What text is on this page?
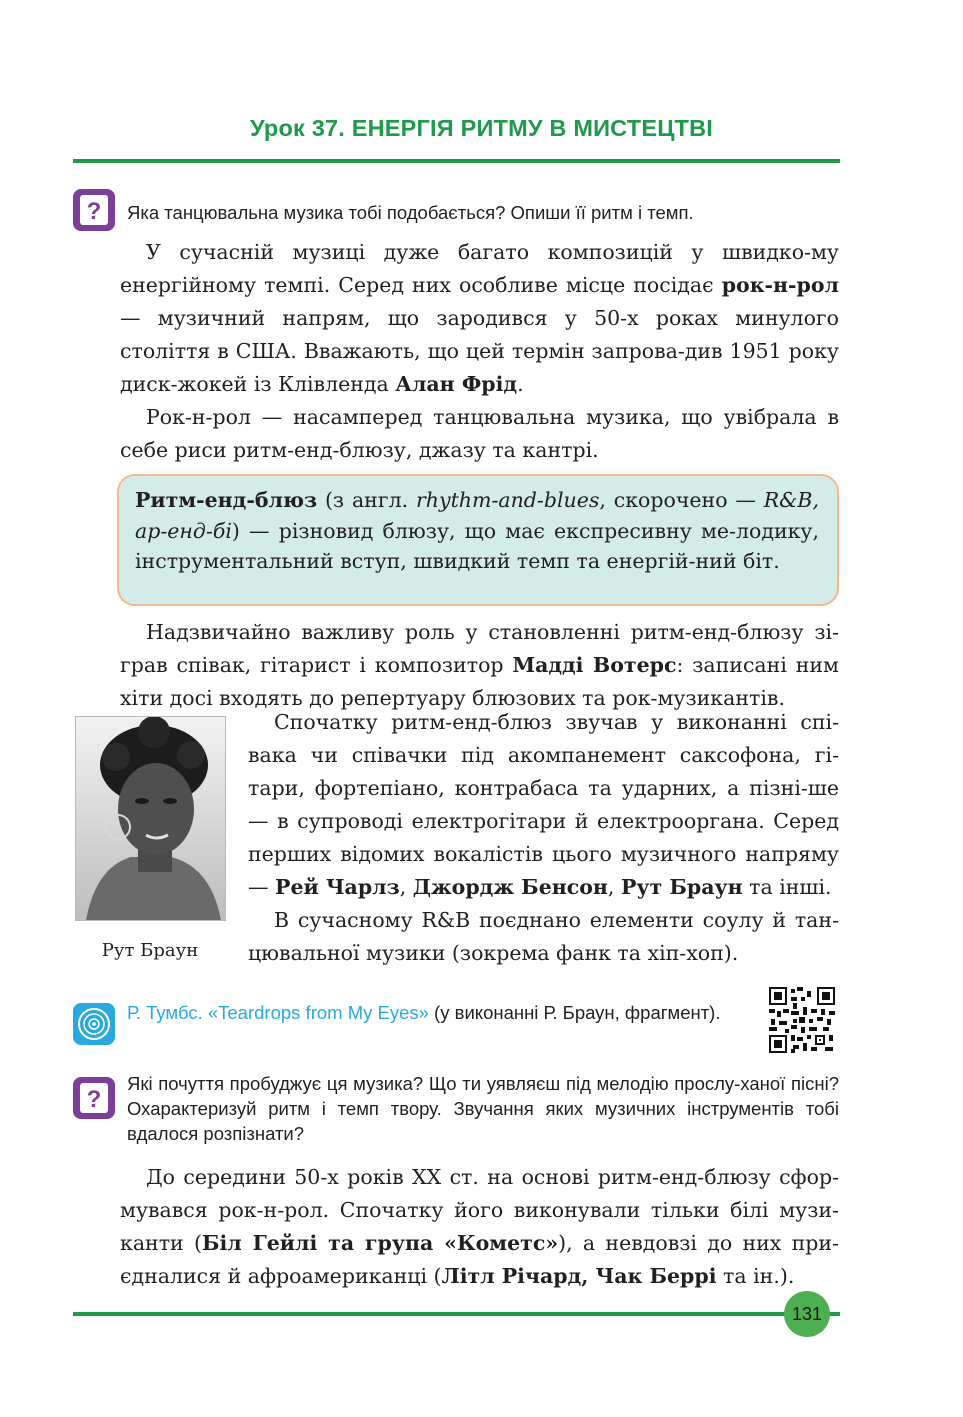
Урок 37. ЕНЕРГІЯ РИТМУ В МИСТЕЦТВІ
? Яка танцювальна музика тобі подобається? Опиши її ритм і темп.

У сучасній музиці дуже багато композицій у швидко-му енергійному темпі. Серед них особливе місце посідає рок-н-рол — музичний напрям, що зародився у 50-х роках минулого століття в США. Вважають, що цей термін запрова-див 1951 року диск-жокей із Клівленда Алан Фрід.

Рок-н-рол — насамперед танцювальна музика, що увібрала в себе риси ритм-енд-блюзу, джазу та кантрі.

Ритм-енд-блюз (з англ. rhythm-and-blues, скорочено — R&B, ар-енд-бі) — різновид блюзу, що має експресивну ме-лодику, інструментальний вступ, швидкий темп та енергій-ний біт.

Надзвичайно важливу роль у становленні ритм-енд-блюзу зі-грав співак, гітарист і композитор Мадді Вотерс: записані ним хіти досі входять до репертуару блюзових та рок-музикантів.

Рут Браун

Спочатку ритм-енд-блюз звучав у виконанні спі-вака чи співачки під акомпанемент саксофона, гі-тари, фортепіано, контрабаса та ударних, а пізні-ше — в супроводі електрогітари й електрооргана. Серед перших відомих вокалістів цього музичного напряму — Рей Чарлз, Джордж Бенсон, Рут Браун та інші.

В сучасному R&B поєднано елементи соулу й тан-цювальної музики (зокрема фанк та хіп-хоп).

Р. Тумбс. «Teardrops from My Eyes» (у виконанні Р. Браун, фрагмент).
?
Які почуття пробуджує ця музика? Що ти уявляєш під мелодію прослу-ханої пісні? Охарактеризуй ритм і темп твору. Звучання яких музичних інструментів тобі вдалося розпізнати?

До середини 50-х років XX ст. на основі ритм-енд-блюзу сфор-мувався рок-н-рол. Спочатку його виконували тільки білі музи-канти (Біл Гейлі та група «Кометс»), а невдовзі до них при-єдналися й афроамериканці (Літл Річард, Чак Беррі та ін.).

131
